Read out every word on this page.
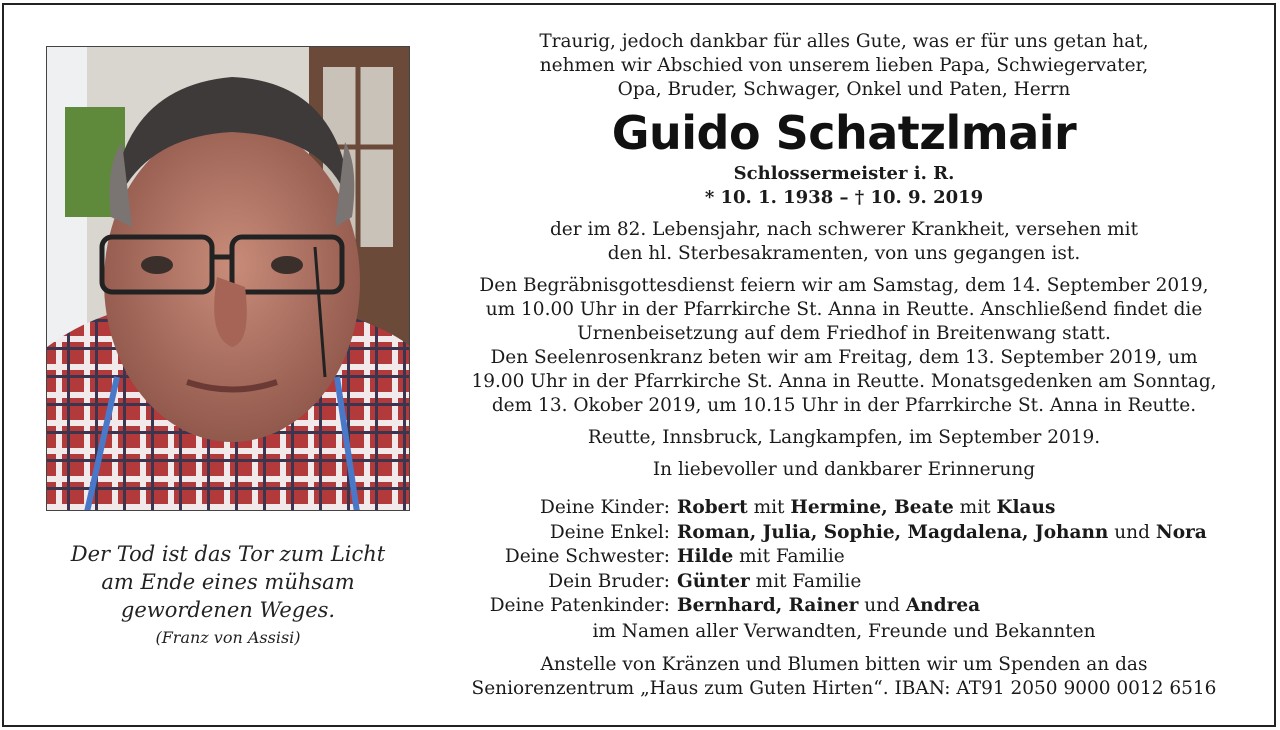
Der Tod ist das Tor zum Licht
am Ende eines mühsam
gewordenen Weges.
(Franz von Assisi)

Traurig, jedoch dankbar für alles Gute, was er für uns getan hat,

nehmen wir Abschied von unserem lieben Papa, Schwiegervater,

Opa, Bruder, Schwager, Onkel und Paten, Herrn

Guido Schatzlmair

Schlossermeister i. R.

* 10. 1. 1938 – † 10. 9. 2019

der im 82. Lebensjahr, nach schwerer Krankheit, versehen mit

den hl. Sterbesakramenten, von uns gegangen ist.

Den Begräbnisgottesdienst feiern wir am Samstag, dem 14. September 2019,

um 10.00 Uhr in der Pfarrkirche St. Anna in Reutte. Anschließend findet die

Urnenbeisetzung auf dem Friedhof in Breitenwang statt.

Den Seelenrosenkranz beten wir am Freitag, dem 13. September 2019, um

19.00 Uhr in der Pfarrkirche St. Anna in Reutte. Monatsgedenken am Sonntag,

dem 13. Okober 2019, um 10.15 Uhr in der Pfarrkirche St. Anna in Reutte.

Reutte, Innsbruck, Langkampfen, im September 2019.

In liebevoller und dankbarer Erinnerung

Deine Kinder: Robert mit Hermine, Beate mit Klaus
Deine Enkel: Roman, Julia, Sophie, Magdalena, Johann und Nora
Deine Schwester: Hilde mit Familie
Dein Bruder: Günter mit Familie
Deine Patenkinder: Bernhard, Rainer und Andrea

im Namen aller Verwandten, Freunde und Bekannten

Anstelle von Kränzen und Blumen bitten wir um Spenden an das

Seniorenzentrum „Haus zum Guten Hirten“. IBAN: AT91 2050 9000 0012 6516
